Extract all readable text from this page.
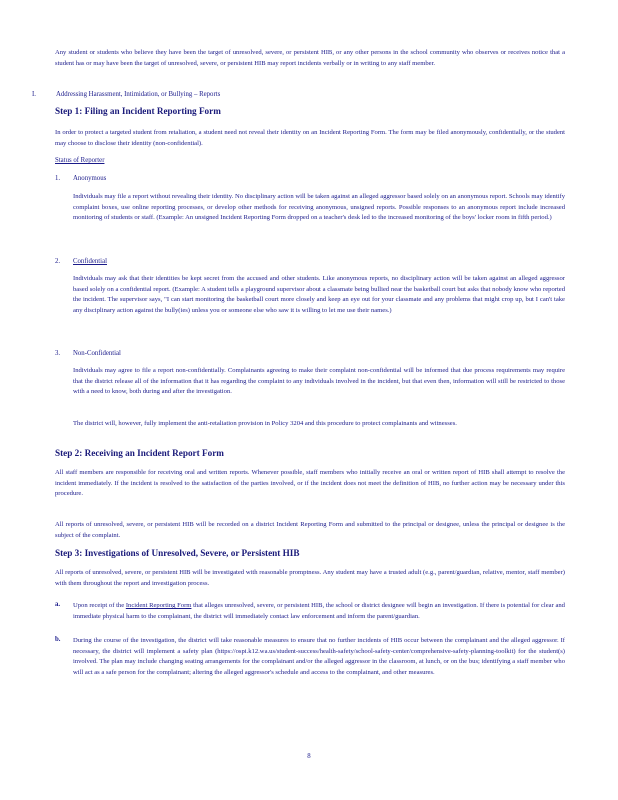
Any student or students who believe they have been the target of unresolved, severe, or persistent HIB, or any other persons in the school community who observes or receives notice that a student has or may have been the target of unresolved, severe, or persistent HIB may report incidents verbally or in writing to any staff member.

I.	Addressing Harassment, Intimidation, or Bullying – Reports
Step 1: Filing an Incident Reporting Form

In order to protect a targeted student from retaliation, a student need not reveal their identity on an Incident Reporting Form. The form may be filed anonymously, confidentially, or the student may choose to disclose their identity (non-confidential).

Status of Reporter
1. Anonymous

Individuals may file a report without revealing their identity. No disciplinary action will be taken against an alleged aggressor based solely on an anonymous report. Schools may identify complaint boxes, use online reporting processes, or develop other methods for receiving anonymous, unsigned reports. Possible responses to an anonymous report include increased monitoring of students or staff. (Example: An unsigned Incident Reporting Form dropped on a teacher's desk led to the increased monitoring of the boys' locker room in fifth period.)

2. Confidential

Individuals may ask that their identities be kept secret from the accused and other students. Like anonymous reports, no disciplinary action will be taken against an alleged aggressor based solely on a confidential report. (Example: A student tells a playground supervisor about a classmate being bullied near the basketball court but asks that nobody know who reported the incident. The supervisor says, "I can start monitoring the basketball court more closely and keep an eye out for your classmate and any problems that might crop up, but I can't take any disciplinary action against the bully(ies) unless you or someone else who saw it is willing to let me use their names.)

3. Non-Confidential

Individuals may agree to file a report non-confidentially. Complainants agreeing to make their complaint non-confidential will be informed that due process requirements may require that the district release all of the information that it has regarding the complaint to any individuals involved in the incident, but that even then, information will still be restricted to those with a need to know, both during and after the investigation.

The district will, however, fully implement the anti-retaliation provision in Policy 3204 and this procedure to protect complainants and witnesses.

Step 2: Receiving an Incident Report Form

All staff members are responsible for receiving oral and written reports. Whenever possible, staff members who initially receive an oral or written report of HIB shall attempt to resolve the incident immediately. If the incident is resolved to the satisfaction of the parties involved, or if the incident does not meet the definition of HIB, no further action may be necessary under this procedure.

All reports of unresolved, severe, or persistent HIB will be recorded on a district Incident Reporting Form and submitted to the principal or designee, unless the principal or designee is the subject of the complaint.

Step 3: Investigations of Unresolved, Severe, or Persistent HIB

All reports of unresolved, severe, or persistent HIB will be investigated with reasonable promptness. Any student may have a trusted adult (e.g., parent/guardian, relative, mentor, staff member) with them throughout the report and investigation process.

a. Upon receipt of the Incident Reporting Form that alleges unresolved, severe, or persistent HIB, the school or district designee will begin an investigation. If there is potential for clear and immediate physical harm to the complainant, the district will immediately contact law enforcement and inform the parent/guardian.

b. During the course of the investigation, the district will take reasonable measures to ensure that no further incidents of HIB occur between the complainant and the alleged aggressor. If necessary, the district will implement a safety plan (https://ospi.k12.wa.us/student-success/health-safety/school-safety-center/comprehensive-safety-planning-toolkit) for the student(s) involved. The plan may include changing seating arrangements for the complainant and/or the alleged aggressor in the classroom, at lunch, or on the bus; identifying a staff member who will act as a safe person for the complainant; altering the alleged aggressor's schedule and access to the complainant, and other measures.

8
